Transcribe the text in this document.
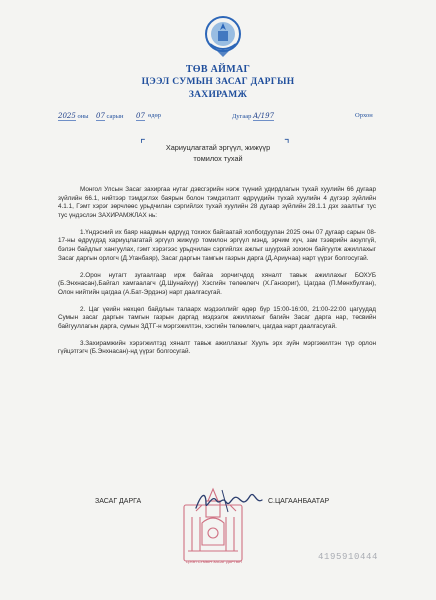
ТӨВ АЙМАГ
ЦЭЭЛ СУМЫН ЗАСАГ ДАРГЫН
ЗАХИРАМЖ
2025 оны 07 сарын 07 өдөр	Дугаар А/197	Орхон
⌜	⌝
Хариуцлагатай эргүүл, жижүүр
томилох тухай

Монгол Улсын Засаг захиргаа нутаг дэвсгэрийн нэгж түүний удирдлагын тухай хуулийн 66 дугаар зүйлийн 66.1, нийтээр тэмдэглэх баярын болон тэмдэглэлт өдрүүдийн тухай хуулийн 4 дүгээр зүйлийн 4.1.1, Гэмт хэрэг зөрчлөөс урьдчилан сэргийлэх тухай хуулийн 28 дугаар зүйлийн 28.1.1 дэх заалтыг тус тус үндэслэн ЗАХИРАМЖЛАХ нь:

1.Үндэсний их баяр наадмын өдрүүд тохиох байгаатай холбогдуулан 2025 оны 07 дугаар сарын 08-17-ны өдрүүдэд хариуцлагатай эргүүл жижүүр томилон эргүүл мэнд, эрчим хүч, зам тээврийн аюулгүй, бэлэн байдлыг хангуулах, гэмт хэрэгээс урьдчилан сэргийлэх ажлыг шуурхай зохион байгуулж ажиллахыг Засаг даргын орлогч (Д.Уганбаяр), Засаг даргын тамгын газрын дарга (Д.Ариунаа) нарт үүрэг болгосугай.

2.Орон нутагт зугаалгаар ирж байгаа зорчигчдод хяналт тавьж ажиллахыг БОХУБ (Б.Энхнасан),Байгал хамгаалагч (Д.Шунайхүү) Хэсгийн төлөөлөгч (Х.Ганзориг), Цагдаа (П.Мөнхбулган), Олон нийтийн цагдаа (А.Бат-Эрдэнэ) нарт даалгасугай.

2. Цаг үеийн нөхцөл байдлын талаарх мэдээллийг өдөр бүр 15:00-16:00, 21:00-22:00 цагуудад Сумын засаг даргын тамгын газрын даргад мэдээлж ажиллахыг багийн Засаг дарга нар, төсвийн байгууллагын дарга, сумын ЗДТГ-н мэргэжилтэн, хэсгийн төлөөлөгч, цагдаа нарт даалгасугай.

3.Захирамжийн хэрэгжилтэд хяналт тавьж ажиллахыг Хууль эрх зүйн мэргэжилтэн түр орлон гүйцэтгэгч (Б.Энхнасан)-нд үүрэг болгосугай.

ЦЭЭЛ СУМЫН ЗАСАГ ДАРГЫН
ЗАСАГ ДАРГА	С.ЦАГААНБААТАР
4195910444
